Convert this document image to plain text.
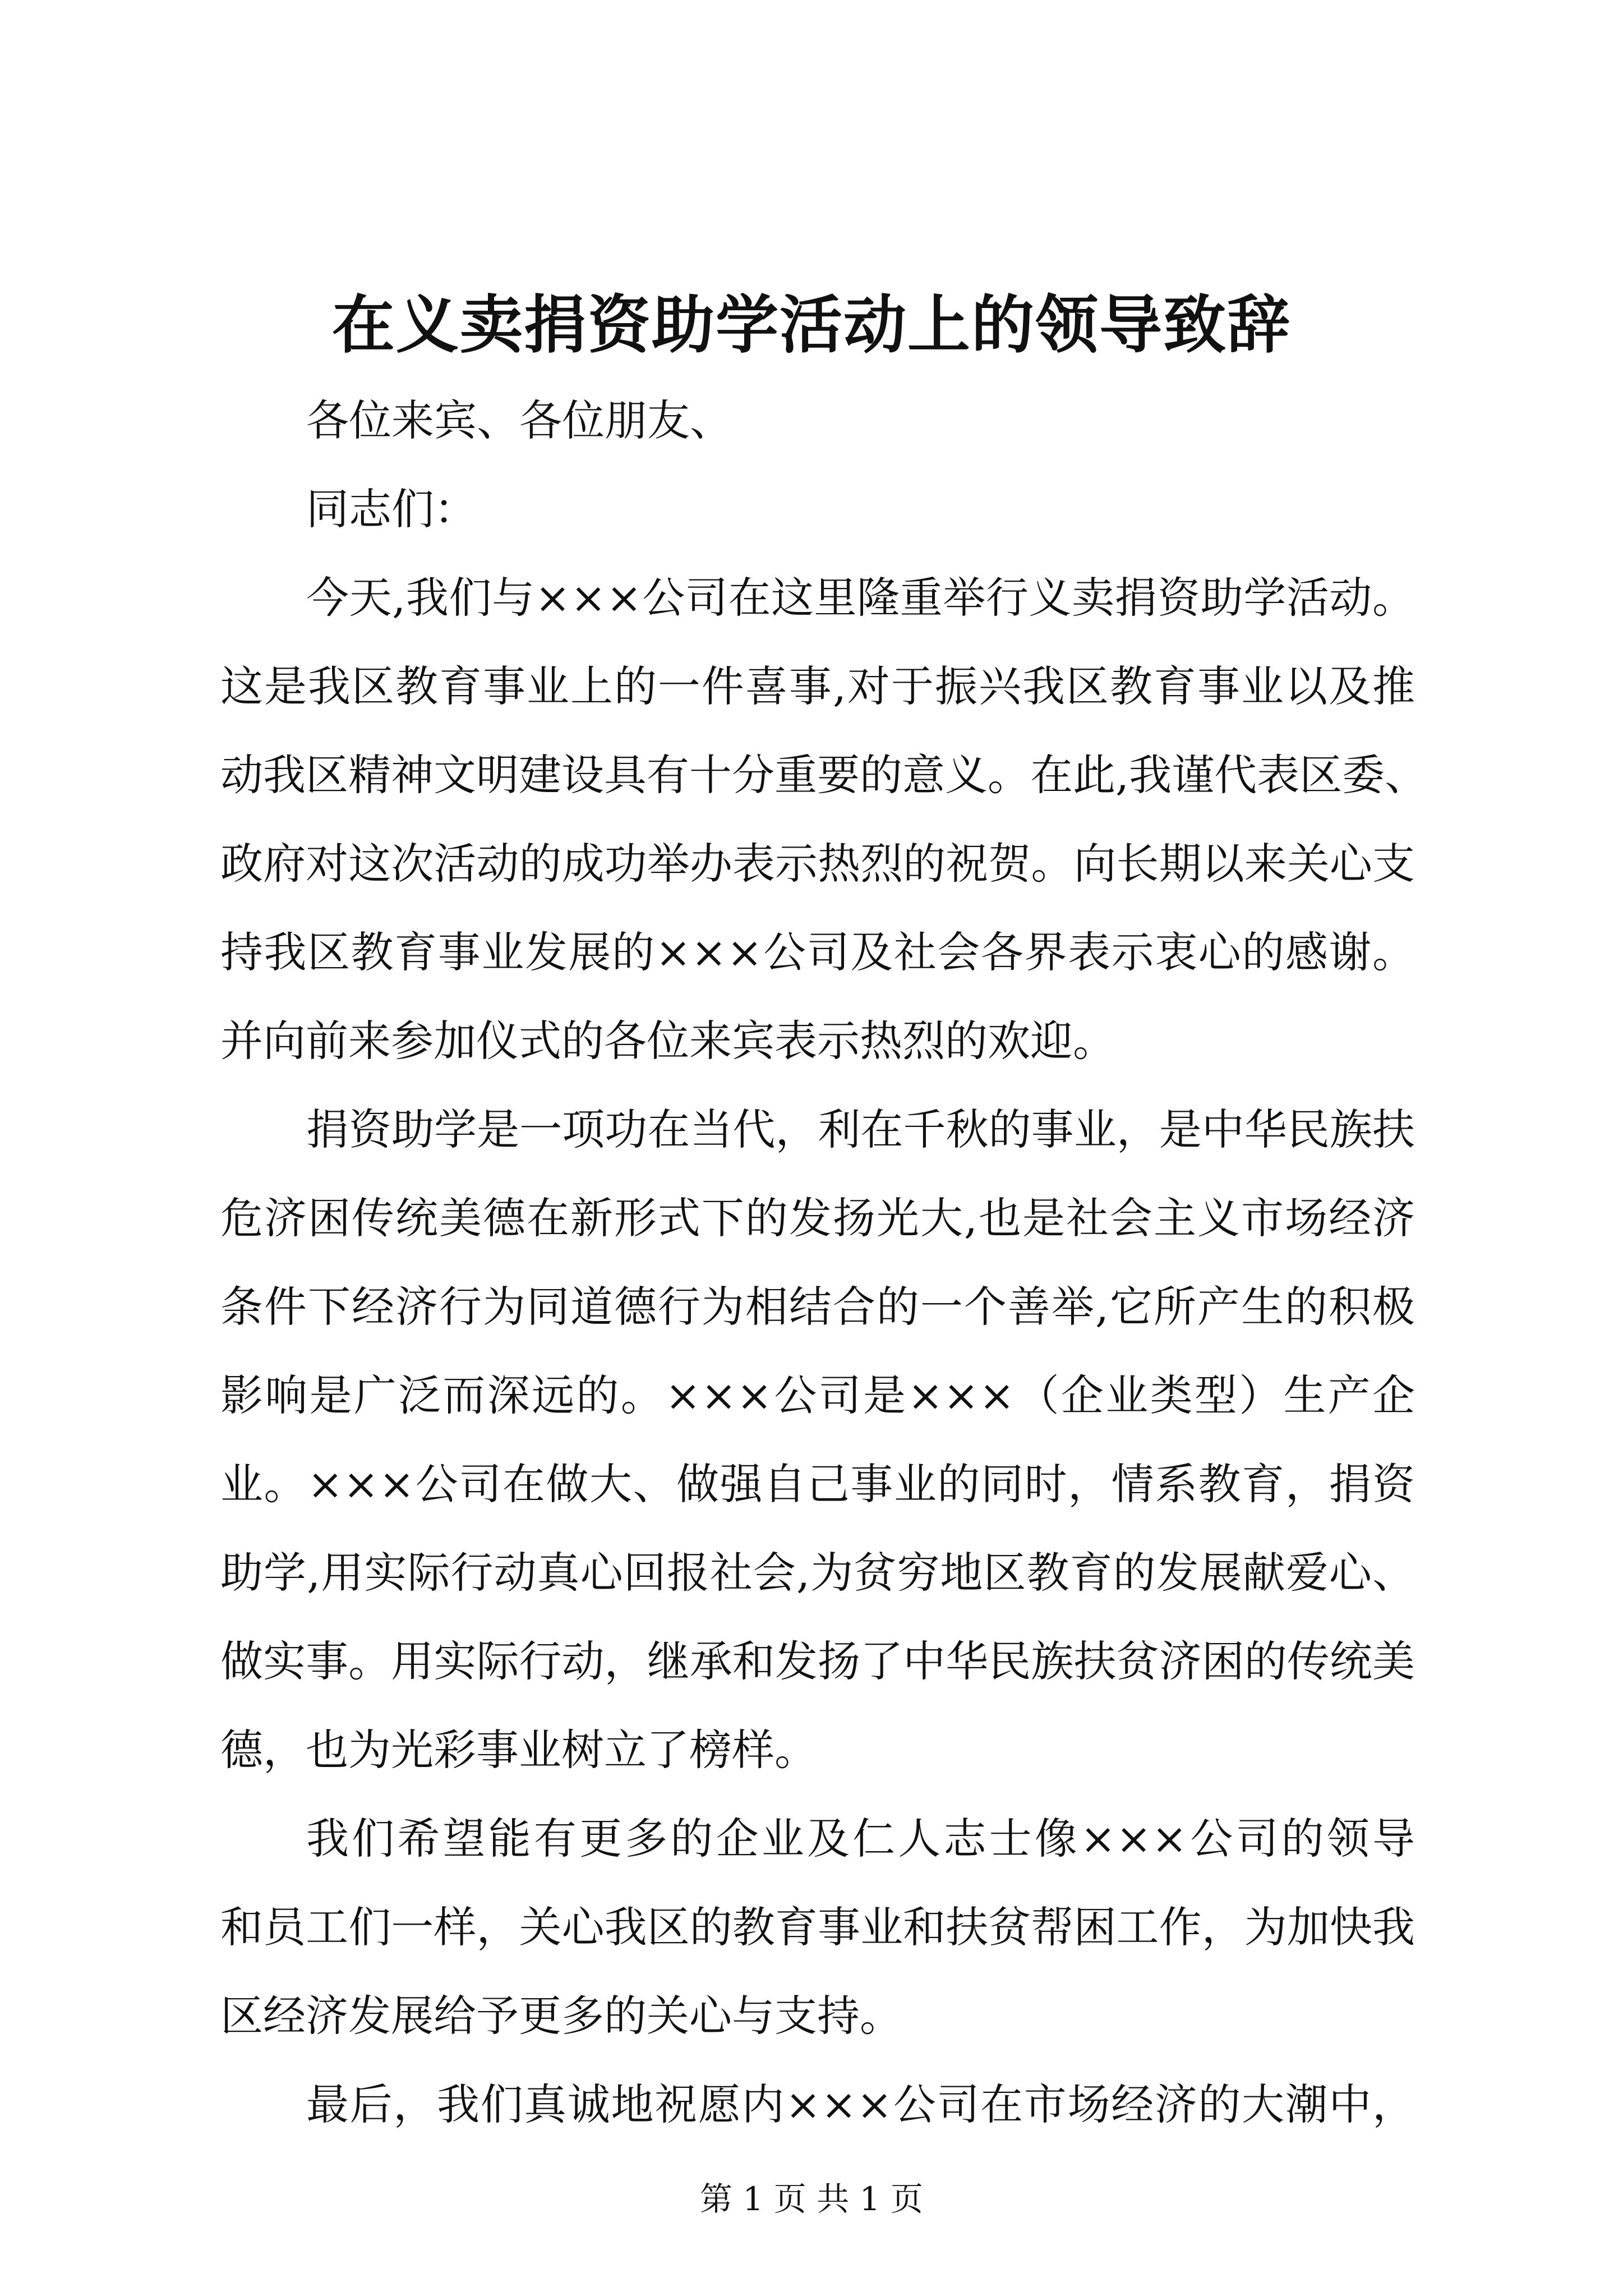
在义卖捐资助学活动上的领导致辞

各位来宾、各位朋友、

同志们：

今天,我们与×××公司在这里隆重举行义卖捐资助学活动。

这是我区教育事业上的一件喜事,对于振兴我区教育事业以及推

动我区精神文明建设具有十分重要的意义。在此,我谨代表区委、

政府对这次活动的成功举办表示热烈的祝贺。向长期以来关心支

持我区教育事业发展的×××公司及社会各界表示衷心的感谢。

并向前来参加仪式的各位来宾表示热烈的欢迎。

捐资助学是一项功在当代，利在千秋的事业，是中华民族扶

危济困传统美德在新形式下的发扬光大,也是社会主义市场经济

条件下经济行为同道德行为相结合的一个善举,它所产生的积极

影响是广泛而深远的。×××公司是×××（企业类型）生产企

业。×××公司在做大、做强自己事业的同时，情系教育，捐资

助学,用实际行动真心回报社会,为贫穷地区教育的发展献爱心、

做实事。用实际行动，继承和发扬了中华民族扶贫济困的传统美

德，也为光彩事业树立了榜样。

我们希望能有更多的企业及仁人志士像×××公司的领导

和员工们一样，关心我区的教育事业和扶贫帮困工作，为加快我

区经济发展给予更多的关心与支持。

最后，我们真诚地祝愿内×××公司在市场经济的大潮中，

第 1 页 共 1 页
